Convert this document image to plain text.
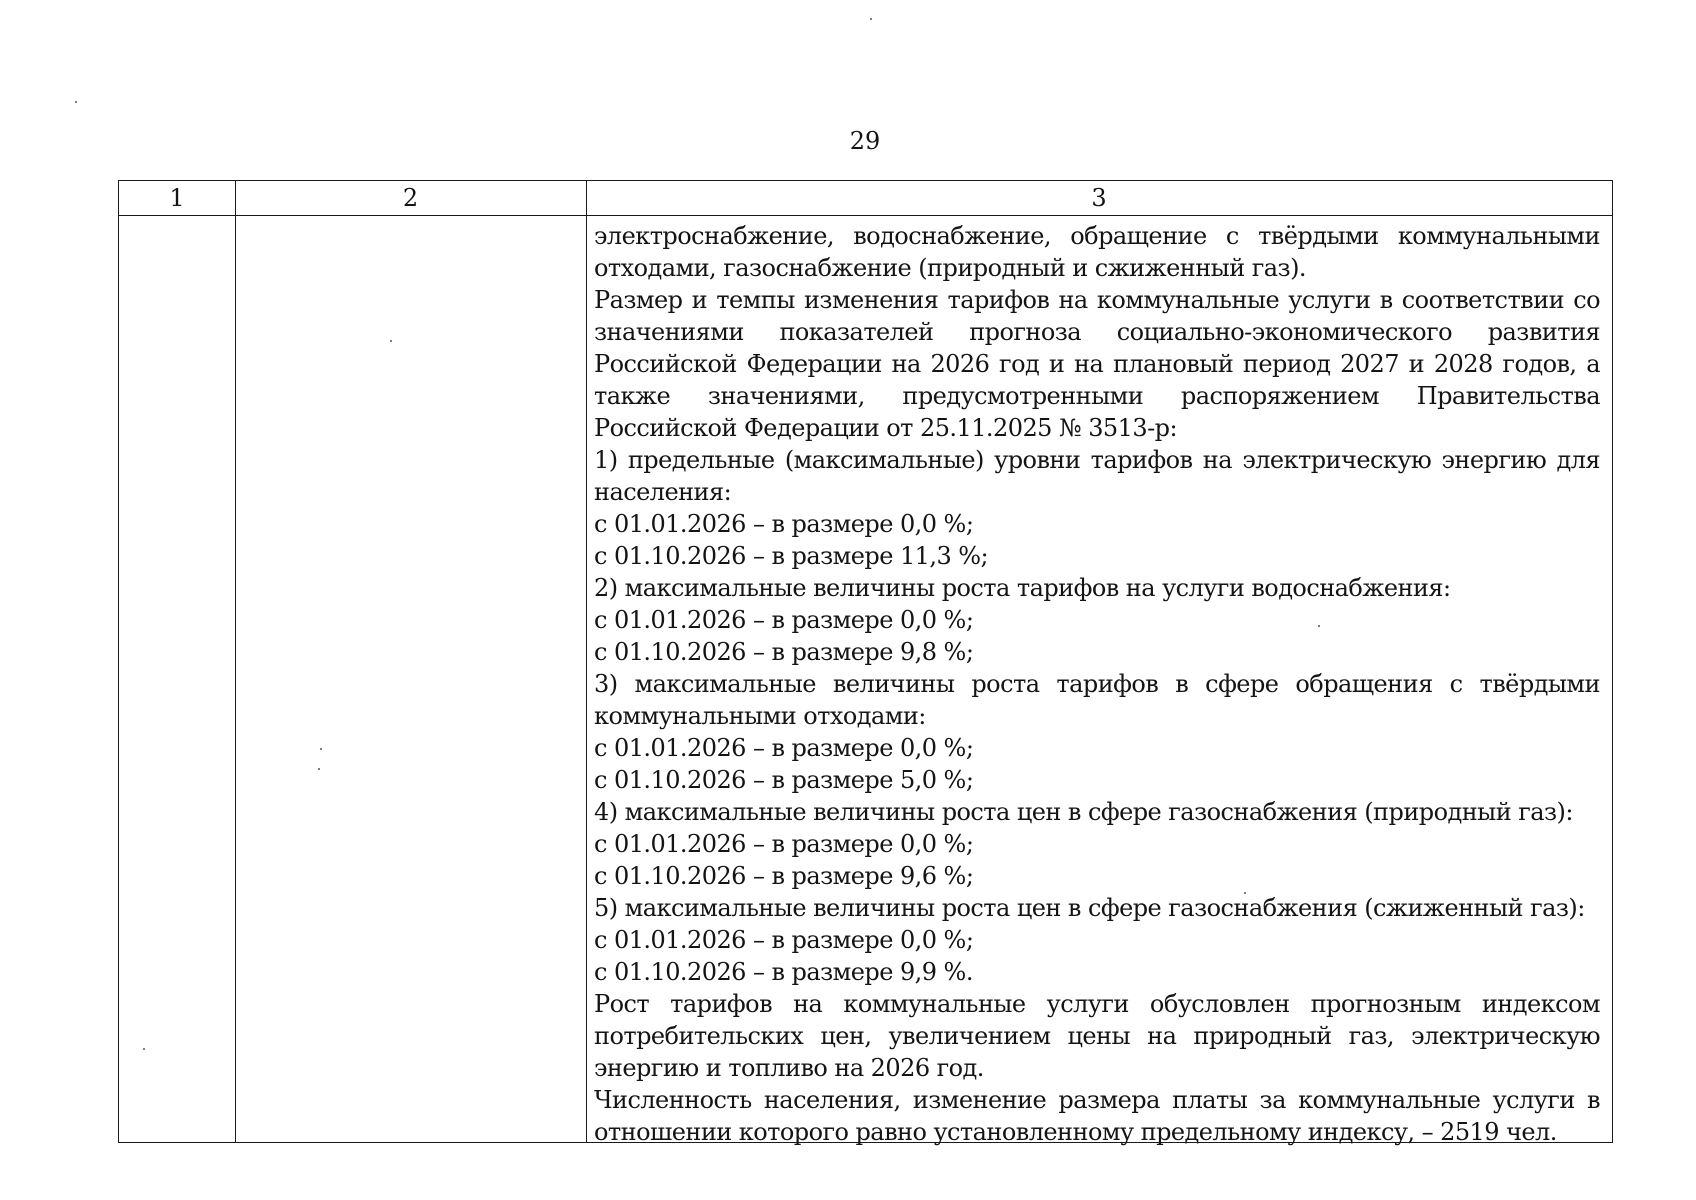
29
1	2	3

электроснабжение, водоснабжение, обращение с твёрдыми коммунальными отходами, газоснабжение (природный и сжиженный газ).

Размер и темпы изменения тарифов на коммунальные услуги в соответствии со значениями показателей прогноза социально-экономического развития Российской Федерации на 2026 год и на плановый период 2027 и 2028 годов, а также значениями, предусмотренными распоряжением Правительства Российской Федерации от 25.11.2025 № 3513-р:

1) предельные (максимальные) уровни тарифов на электрическую энергию для населения:

с 01.01.2026 – в размере 0,0 %;

с 01.10.2026 – в размере 11,3 %;

2) максимальные величины роста тарифов на услуги водоснабжения:

с 01.01.2026 – в размере 0,0 %;

с 01.10.2026 – в размере 9,8 %;

3) максимальные величины роста тарифов в сфере обращения с твёрдыми коммунальными отходами:

с 01.01.2026 – в размере 0,0 %;

с 01.10.2026 – в размере 5,0 %;

4) максимальные величины роста цен в сфере газоснабжения (природный газ):

с 01.01.2026 – в размере 0,0 %;

с 01.10.2026 – в размере 9,6 %;

5) максимальные величины роста цен в сфере газоснабжения (сжиженный газ):

с 01.01.2026 – в размере 0,0 %;

с 01.10.2026 – в размере 9,9 %.

Рост тарифов на коммунальные услуги обусловлен прогнозным индексом потребительских цен, увеличением цены на природный газ, электрическую энергию и топливо на 2026 год.

Численность населения, изменение размера платы за коммунальные услуги в отношении которого равно установленному предельному индексу, – 2519 чел.
